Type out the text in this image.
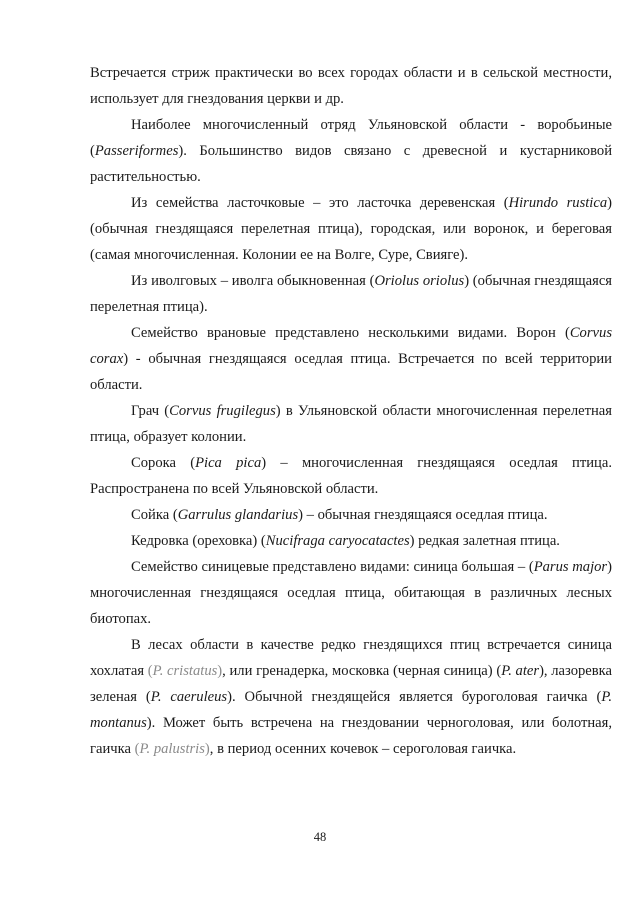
Встречается стриж практически во всех городах области и в сельской местности, использует для гнездования церкви и др.

Наиболее многочисленный отряд Ульяновской области - воробьиные (Passeriformes). Большинство видов связано с древесной и кустарниковой растительностью.

Из семейства ласточковые – это ласточка деревенская (Hirundo rustica) (обычная гнездящаяся перелетная птица), городская, или воронок, и береговая (самая многочисленная. Колонии ее на Волге, Суре, Свияге).

Из иволговых – иволга обыкновенная (Oriolus oriolus) (обычная гнездящаяся перелетная птица).

Семейство врановые представлено несколькими видами. Ворон (Corvus corax) - обычная гнездящаяся оседлая птица. Встречается по всей территории области.

Грач (Corvus frugilegus) в Ульяновской области многочисленная перелетная птица, образует колонии.

Сорока (Pica pica) – многочисленная гнездящаяся оседлая птица. Распространена по всей Ульяновской области.

Сойка (Garrulus glandarius) – обычная гнездящаяся оседлая птица.

Кедровка (ореховка) (Nucifraga caryocatactes) редкая залетная птица.

Семейство синицевые представлено видами: синица большая – (Parus major) многочисленная гнездящаяся оседлая птица, обитающая в различных лесных биотопах.

В лесах области в качестве редко гнездящихся птиц встречается синица хохлатая (P. cristatus), или гренадерка, московка (черная синица) (P. ater), лазоревка зеленая (P. caeruleus). Обычной гнездящейся является буроголовая гаичка (P. montanus). Может быть встречена на гнездовании черноголовая, или болотная, гаичка (P. palustris), в период осенних кочевок – сероголовая гаичка.

48
